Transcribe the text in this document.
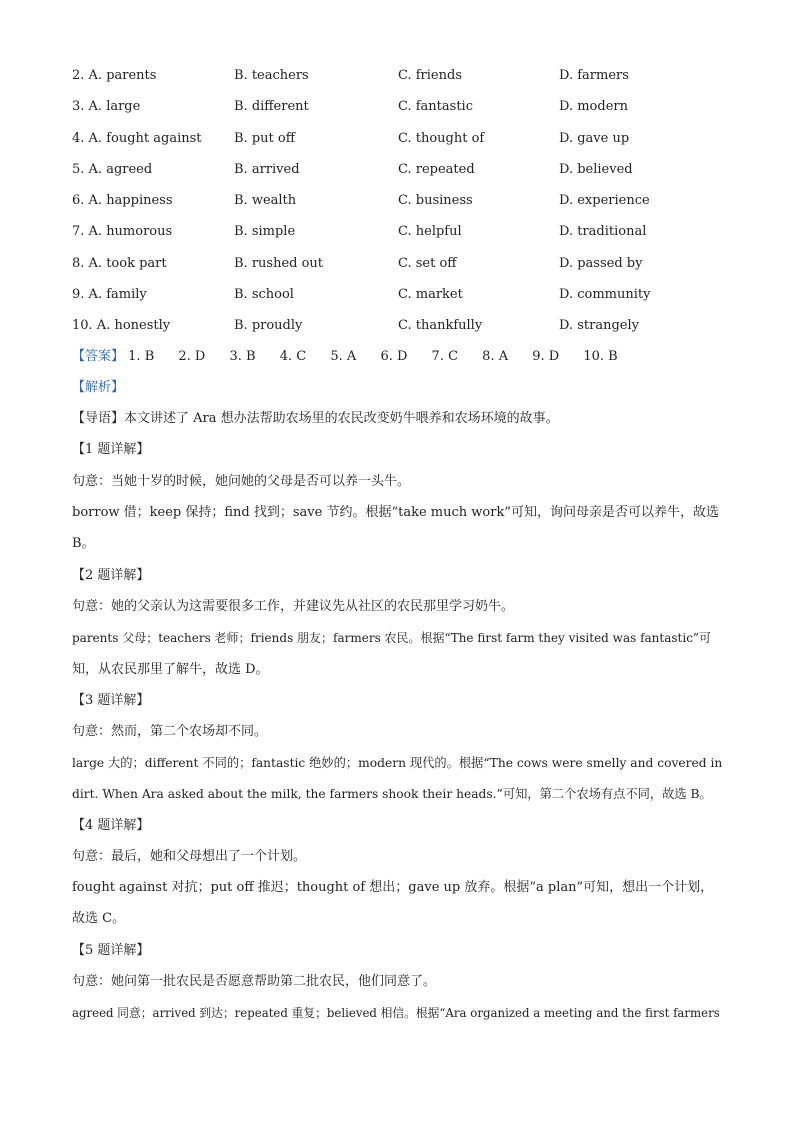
2. A. parents	B. teachers	C. friends	D. farmers
3. A. large	B. different	C. fantastic	D. modern
4. A. fought against	B. put off	C. thought of	D. gave up
5. A. agreed	B. arrived	C. repeated	D. believed
6. A. happiness	B. wealth	C. business	D. experience
7. A. humorous	B. simple	C. helpful	D. traditional
8. A. took part	B. rushed out	C. set off	D. passed by
9. A. family	B. school	C. market	D. community
10. A. honestly	B. proudly	C. thankfully	D. strangely
【答案】 1. B 2. D 3. B 4. C 5. A 6. D 7. C 8. A 9. D 10. B
【解析】
【导语】本文讲述了 Ara 想办法帮助农场里的农民改变奶牛喂养和农场环境的故事。
【1 题详解】
句意：当她十岁的时候，她问她的父母是否可以养一头牛。
borrow 借；keep 保持；find 找到；save 节约。根据“take much work”可知，询问母亲是否可以养牛，故选
B。
【2 题详解】
句意：她的父亲认为这需要很多工作，并建议先从社区的农民那里学习奶牛。
parents 父母；teachers 老师；friends 朋友；farmers 农民。根据“The first farm they visited was fantastic”可
知，从农民那里了解牛，故选 D。
【3 题详解】
句意：然而，第二个农场却不同。
large 大的；different 不同的；fantastic 绝妙的；modern 现代的。根据“The cows were smelly and covered in
dirt. When Ara asked about the milk, the farmers shook their heads.”可知，第二个农场有点不同，故选 B。
【4 题详解】
句意：最后，她和父母想出了一个计划。
fought against 对抗；put off 推迟；thought of 想出；gave up 放弃。根据“a plan”可知，想出一个计划，
故选 C。
【5 题详解】
句意：她问第一批农民是否愿意帮助第二批农民，他们同意了。
agreed 同意；arrived 到达；repeated 重复；believed 相信。根据“Ara organized a meeting and the first farmers
